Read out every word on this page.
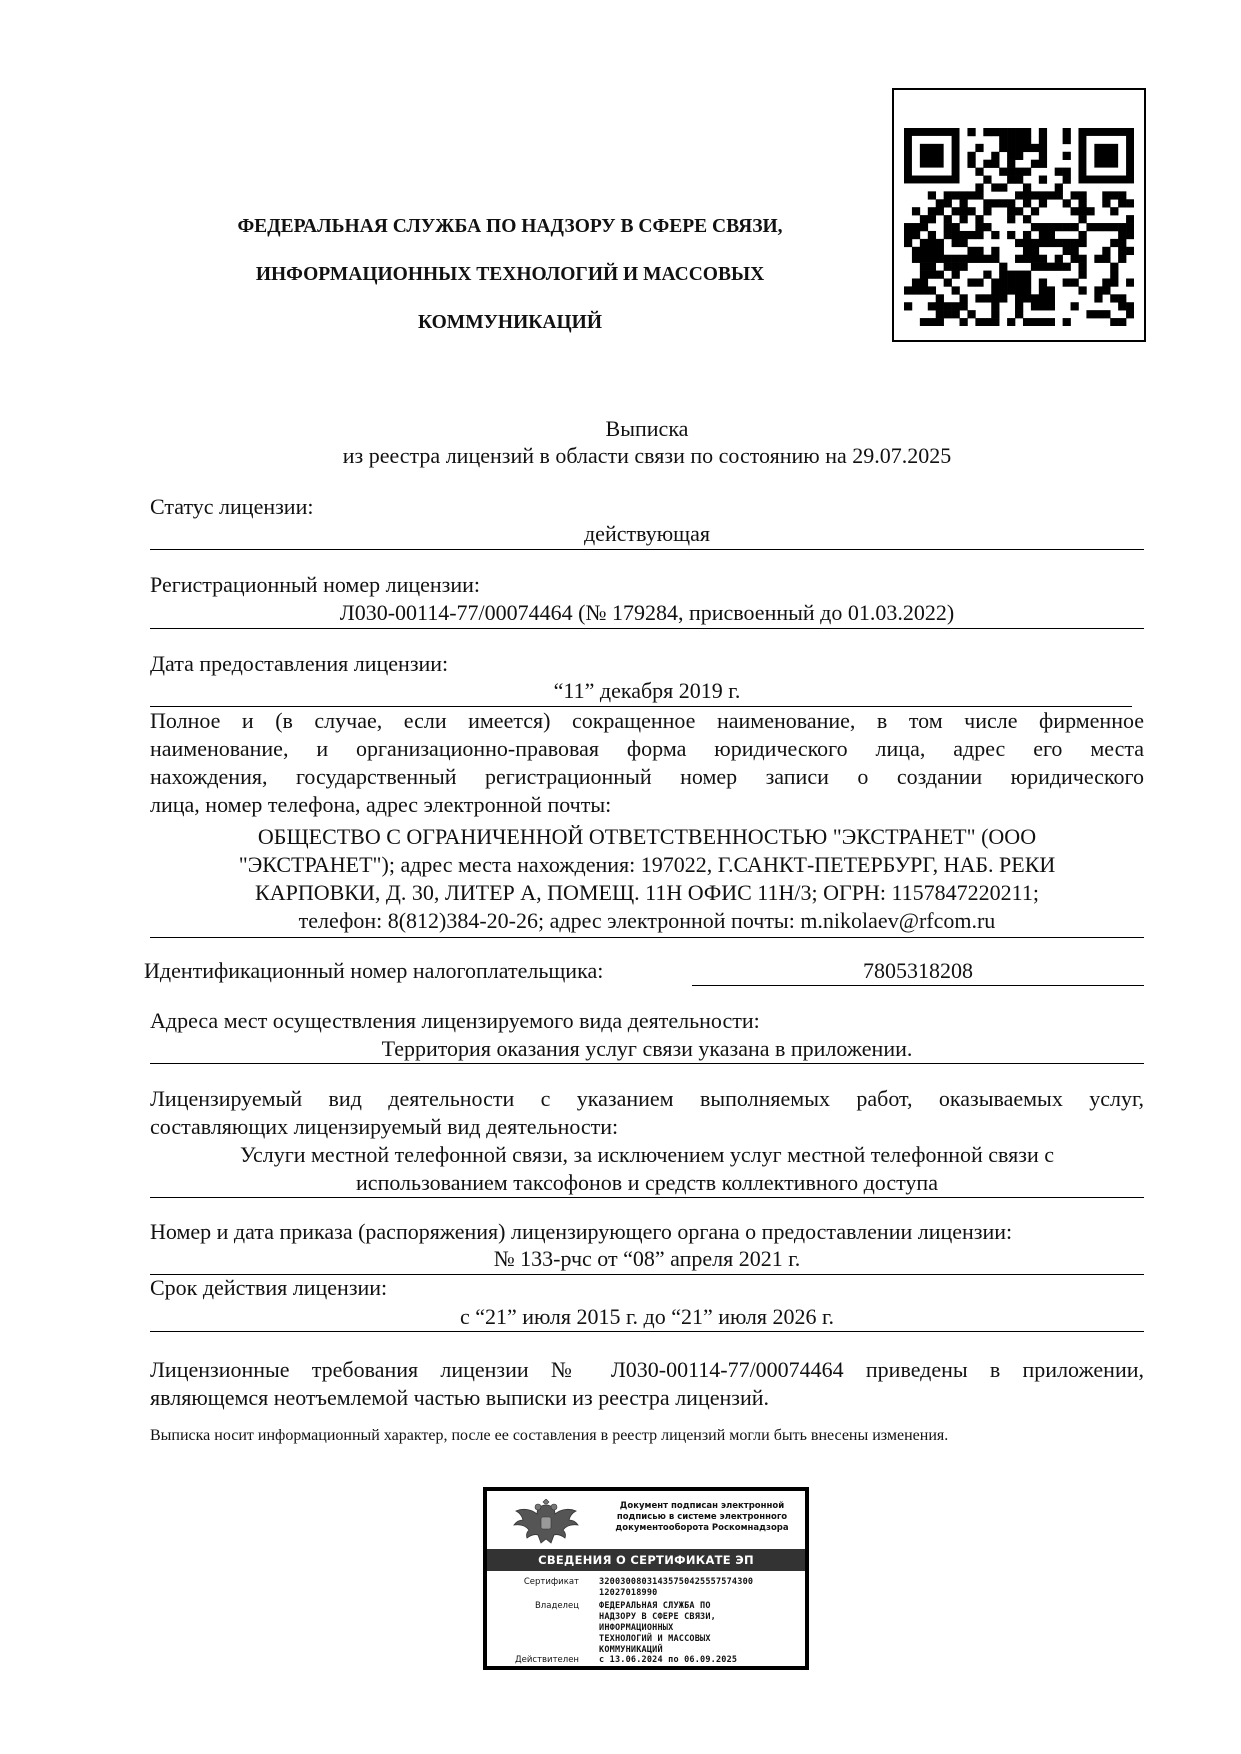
ФЕДЕРАЛЬНАЯ СЛУЖБА ПО НАДЗОРУ В СФЕРЕ СВЯЗИ,
ИНФОРМАЦИОННЫХ ТЕХНОЛОГИЙ И МАССОВЫХ
КОММУНИКАЦИЙ
Выписка
из реестра лицензий в области связи по состоянию на 29.07.2025
Статус лицензии:
действующая
Регистрационный номер лицензии:
Л030-00114-77/00074464 (№ 179284, присвоенный до 01.03.2022)
Дата предоставления лицензии:
“11” декабря 2019 г.
Полное и (в случае, если имеется) сокращенное наименование, в том числе фирменное
наименование, и организационно-правовая форма юридического лица, адрес его места
нахождения, государственный регистрационный номер записи о создании юридического
лица, номер телефона, адрес электронной почты:
ОБЩЕСТВО С ОГРАНИЧЕННОЙ ОТВЕТСТВЕННОСТЬЮ "ЭКСТРАНЕТ" (ООО
"ЭКСТРАНЕТ"); адрес места нахождения: 197022, Г.САНКТ-ПЕТЕРБУРГ, НАБ. РЕКИ
КАРПОВКИ, Д. 30, ЛИТЕР А, ПОМЕЩ. 11Н ОФИС 11Н/3; ОГРН: 1157847220211;
телефон: 8(812)384-20-26; адрес электронной почты: m.nikolaev@rfcom.ru
Идентификационный номер налогоплательщика:	7805318208
Адреса мест осуществления лицензируемого вида деятельности:
Территория оказания услуг связи указана в приложении.
Лицензируемый вид деятельности с указанием выполняемых работ, оказываемых услуг,
составляющих лицензируемый вид деятельности:
Услуги местной телефонной связи, за исключением услуг местной телефонной связи с
использованием таксофонов и средств коллективного доступа
Номер и дата приказа (распоряжения) лицензирующего органа о предоставлении лицензии:
№ 133-рчс от “08” апреля 2021 г.
Срок действия лицензии:
с “21” июля 2015 г. до “21” июля 2026 г.
Лицензионные требования лицензии № Л030-00114-77/00074464 приведены в приложении,
являющемся неотъемлемой частью выписки из реестра лицензий.
Выписка носит информационный характер, после ее составления в реестр лицензий могли быть внесены изменения.
Документ подписан электронной
подписью в системе электронного
документооборота Роскомнадзора
СВЕДЕНИЯ О СЕРТИФИКАТЕ ЭП
Сертификат 32003008031435750425557574300
12027018990
Владелец ФЕДЕРАЛЬНАЯ СЛУЖБА ПО
НАДЗОРУ В СФЕРЕ СВЯЗИ,
ИНФОРМАЦИОННЫХ
ТЕХНОЛОГИЙ И МАССОВЫХ
КОММУНИКАЦИЙ
Действителен с 13.06.2024 по 06.09.2025
